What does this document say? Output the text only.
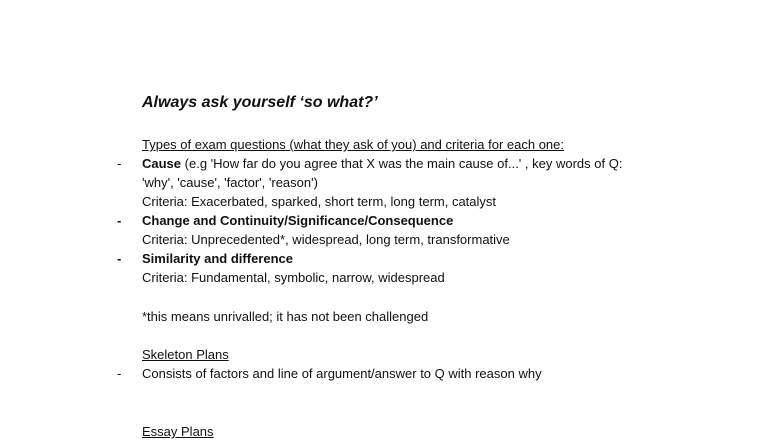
Always ask yourself ‘so what?’
Types of exam questions (what they ask of you) and criteria for each one:
- Cause (e.g 'How far do you agree that X was the main cause of...' , key words of Q:
'why', 'cause', 'factor', 'reason')
Criteria: Exacerbated, sparked, short term, long term, catalyst
- Change and Continuity/Significance/Consequence
Criteria: Unprecedented*, widespread, long term, transformative
- Similarity and difference
Criteria: Fundamental, symbolic, narrow, widespread
*this means unrivalled; it has not been challenged
Skeleton Plans
- Consists of factors and line of argument/answer to Q with reason why
Essay Plans
